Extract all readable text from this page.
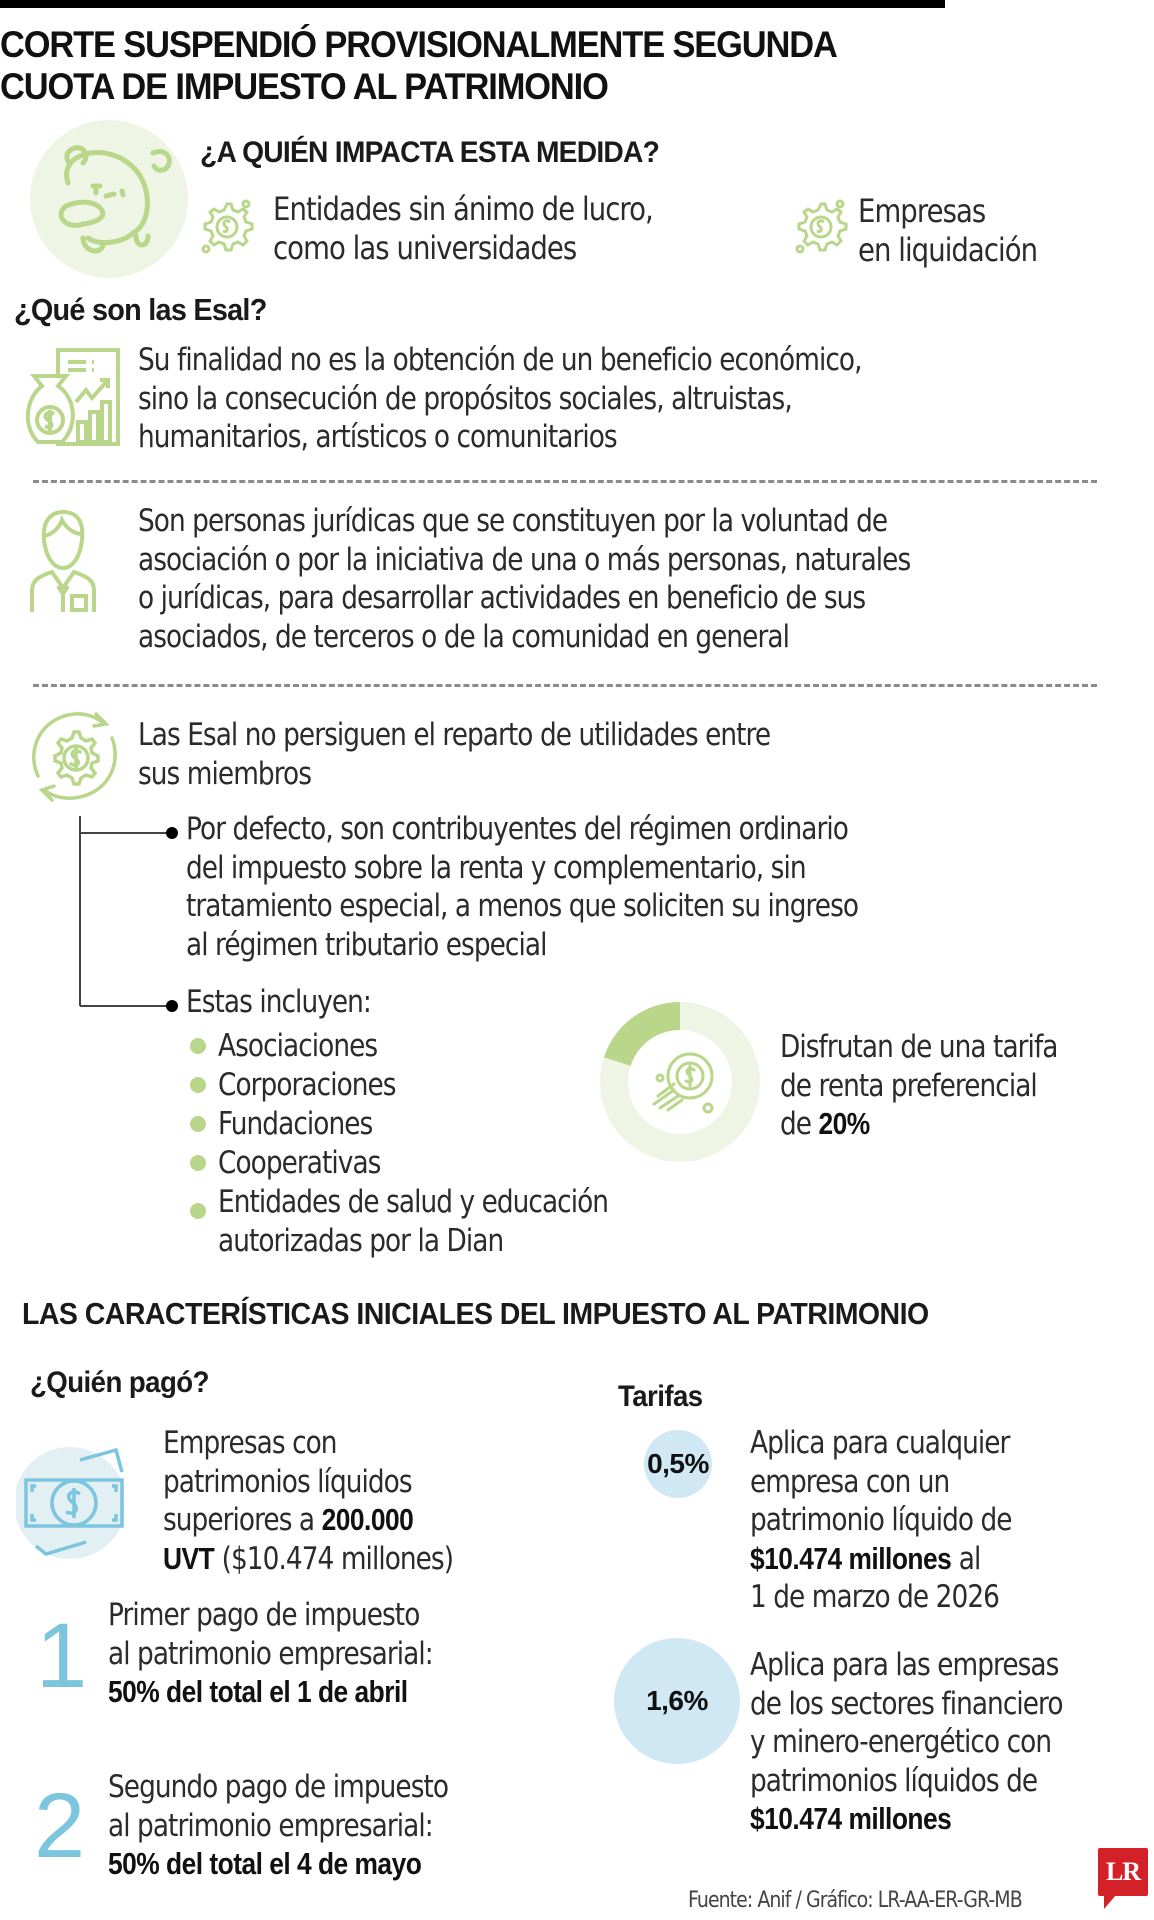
CORTE SUSPENDIÓ PROVISIONALMENTE SEGUNDA
CUOTA DE IMPUESTO AL PATRIMONIO
¿A QUIÉN IMPACTA ESTA MEDIDA?
Entidades sin ánimo de lucro,
como las universidades
Empresas
en liquidación
¿Qué son las Esal?
Su finalidad no es la obtención de un beneficio económico,
sino la consecución de propósitos sociales, altruistas,
humanitarios, artísticos o comunitarios
Son personas jurídicas que se constituyen por la voluntad de
asociación o por la iniciativa de una o más personas, naturales
o jurídicas, para desarrollar actividades en beneficio de sus
asociados, de terceros o de la comunidad en general
Las Esal no persiguen el reparto de utilidades entre
sus miembros
Por defecto, son contribuyentes del régimen ordinario
del impuesto sobre la renta y complementario, sin
tratamiento especial, a menos que soliciten su ingreso
al régimen tributario especial
Estas incluyen:
Asociaciones
Corporaciones
Fundaciones
Cooperativas
Entidades de salud y educación
autorizadas por la Dian
Disfrutan de una tarifa
de renta preferencial
de 20%
LAS CARACTERÍSTICAS INICIALES DEL IMPUESTO AL PATRIMONIO
¿Quién pagó?	Tarifas
Empresas con
patrimonios líquidos
superiores a 200.000
UVT ($10.474 millones)
1 Primer pago de impuesto
al patrimonio empresarial:
50% del total el 1 de abril
2 Segundo pago de impuesto
al patrimonio empresarial:
50% del total el 4 de mayo
0,5%
Aplica para cualquier
empresa con un
patrimonio líquido de
$10.474 millones al
1 de marzo de 2026
1,6%
Aplica para las empresas
de los sectores financiero
y minero-energético con
patrimonios líquidos de
$10.474 millones
Fuente: Anif / Gráfico: LR-AA-ER-GR-MB
LR
